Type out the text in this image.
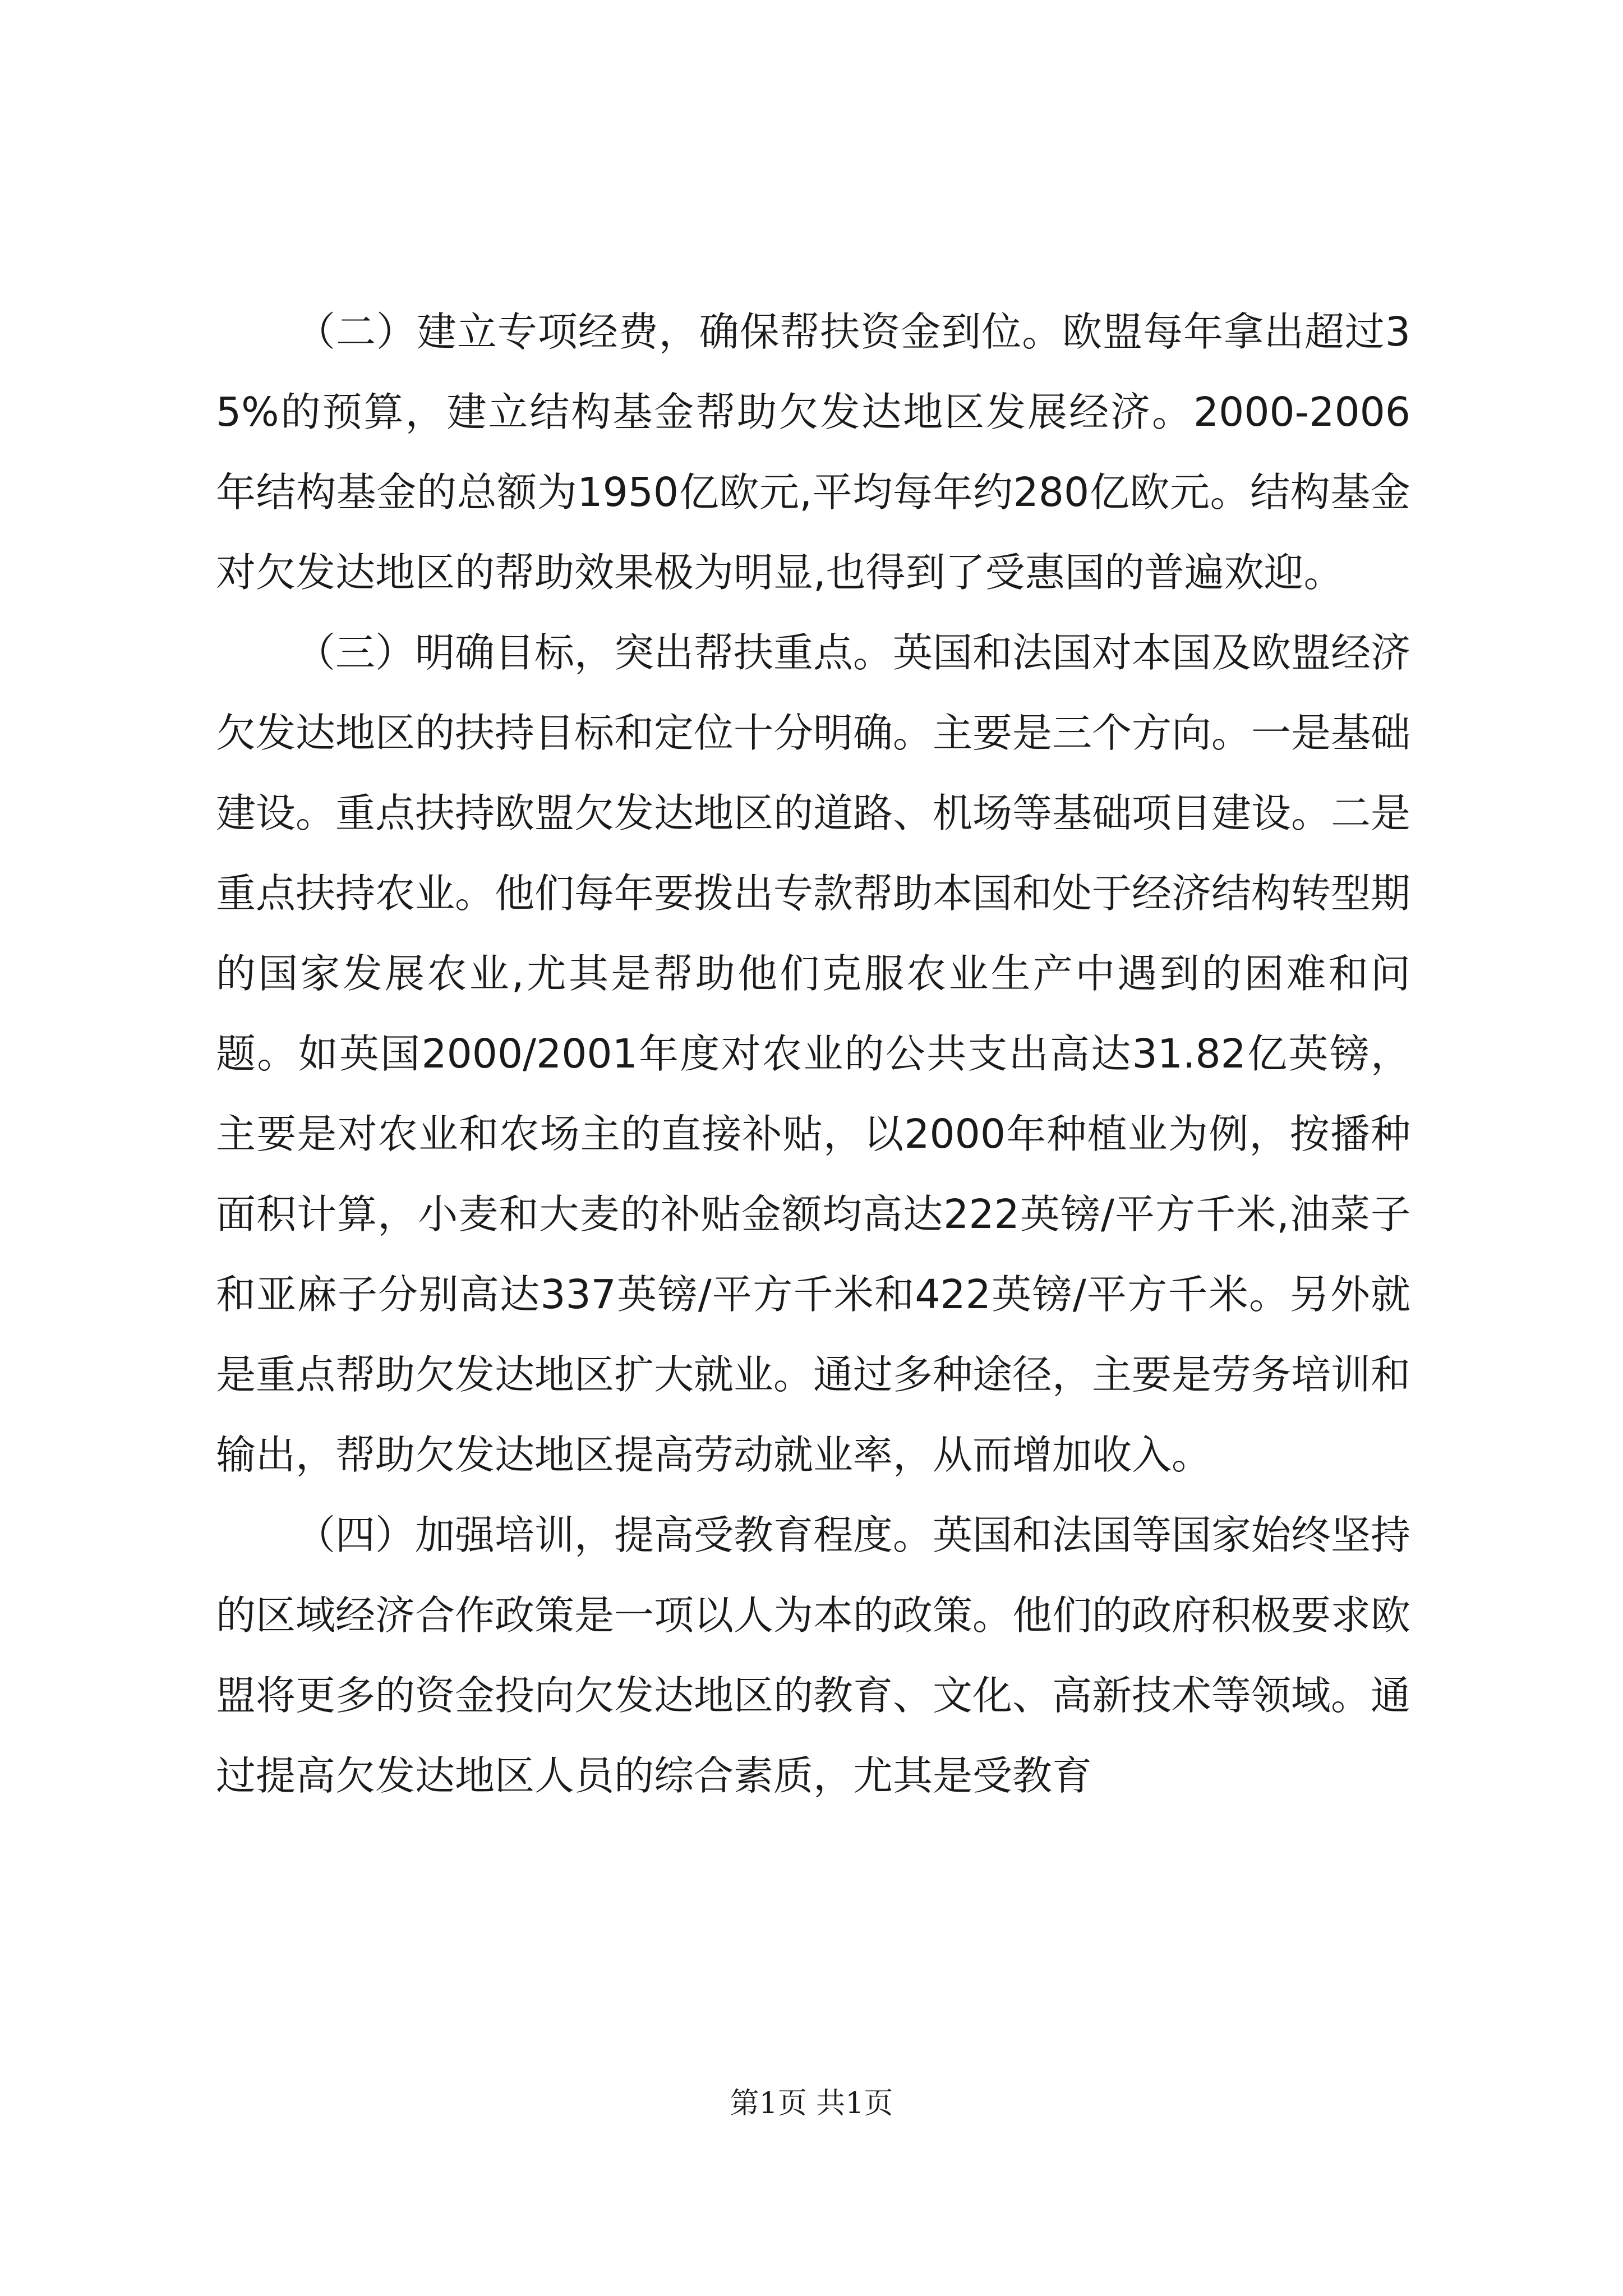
（二）建立专项经费，确保帮扶资金到位。欧盟每年拿出超过35%的预算，建立结构基金帮助欠发达地区发展经济。2000-2006年结构基金的总额为1950亿欧元,平均每年约280亿欧元。结构基金对欠发达地区的帮助效果极为明显,也得到了受惠国的普遍欢迎。

（三）明确目标，突出帮扶重点。英国和法国对本国及欧盟经济欠发达地区的扶持目标和定位十分明确。主要是三个方向。一是基础建设。重点扶持欧盟欠发达地区的道路、机场等基础项目建设。二是重点扶持农业。他们每年要拨出专款帮助本国和处于经济结构转型期的国家发展农业,尤其是帮助他们克服农业生产中遇到的困难和问题。如英国2000/2001年度对农业的公共支出高达31.82亿英镑，主要是对农业和农场主的直接补贴，以2000年种植业为例，按播种面积计算，小麦和大麦的补贴金额均高达222英镑/平方千米,油菜子和亚麻子分别高达337英镑/平方千米和422英镑/平方千米。另外就是重点帮助欠发达地区扩大就业。通过多种途径，主要是劳务培训和输出，帮助欠发达地区提高劳动就业率，从而增加收入。

（四）加强培训，提高受教育程度。英国和法国等国家始终坚持的区域经济合作政策是一项以人为本的政策。他们的政府积极要求欧盟将更多的资金投向欠发达地区的教育、文化、高新技术等领域。通过提高欠发达地区人员的综合素质，尤其是受教育

第1页 共1页
